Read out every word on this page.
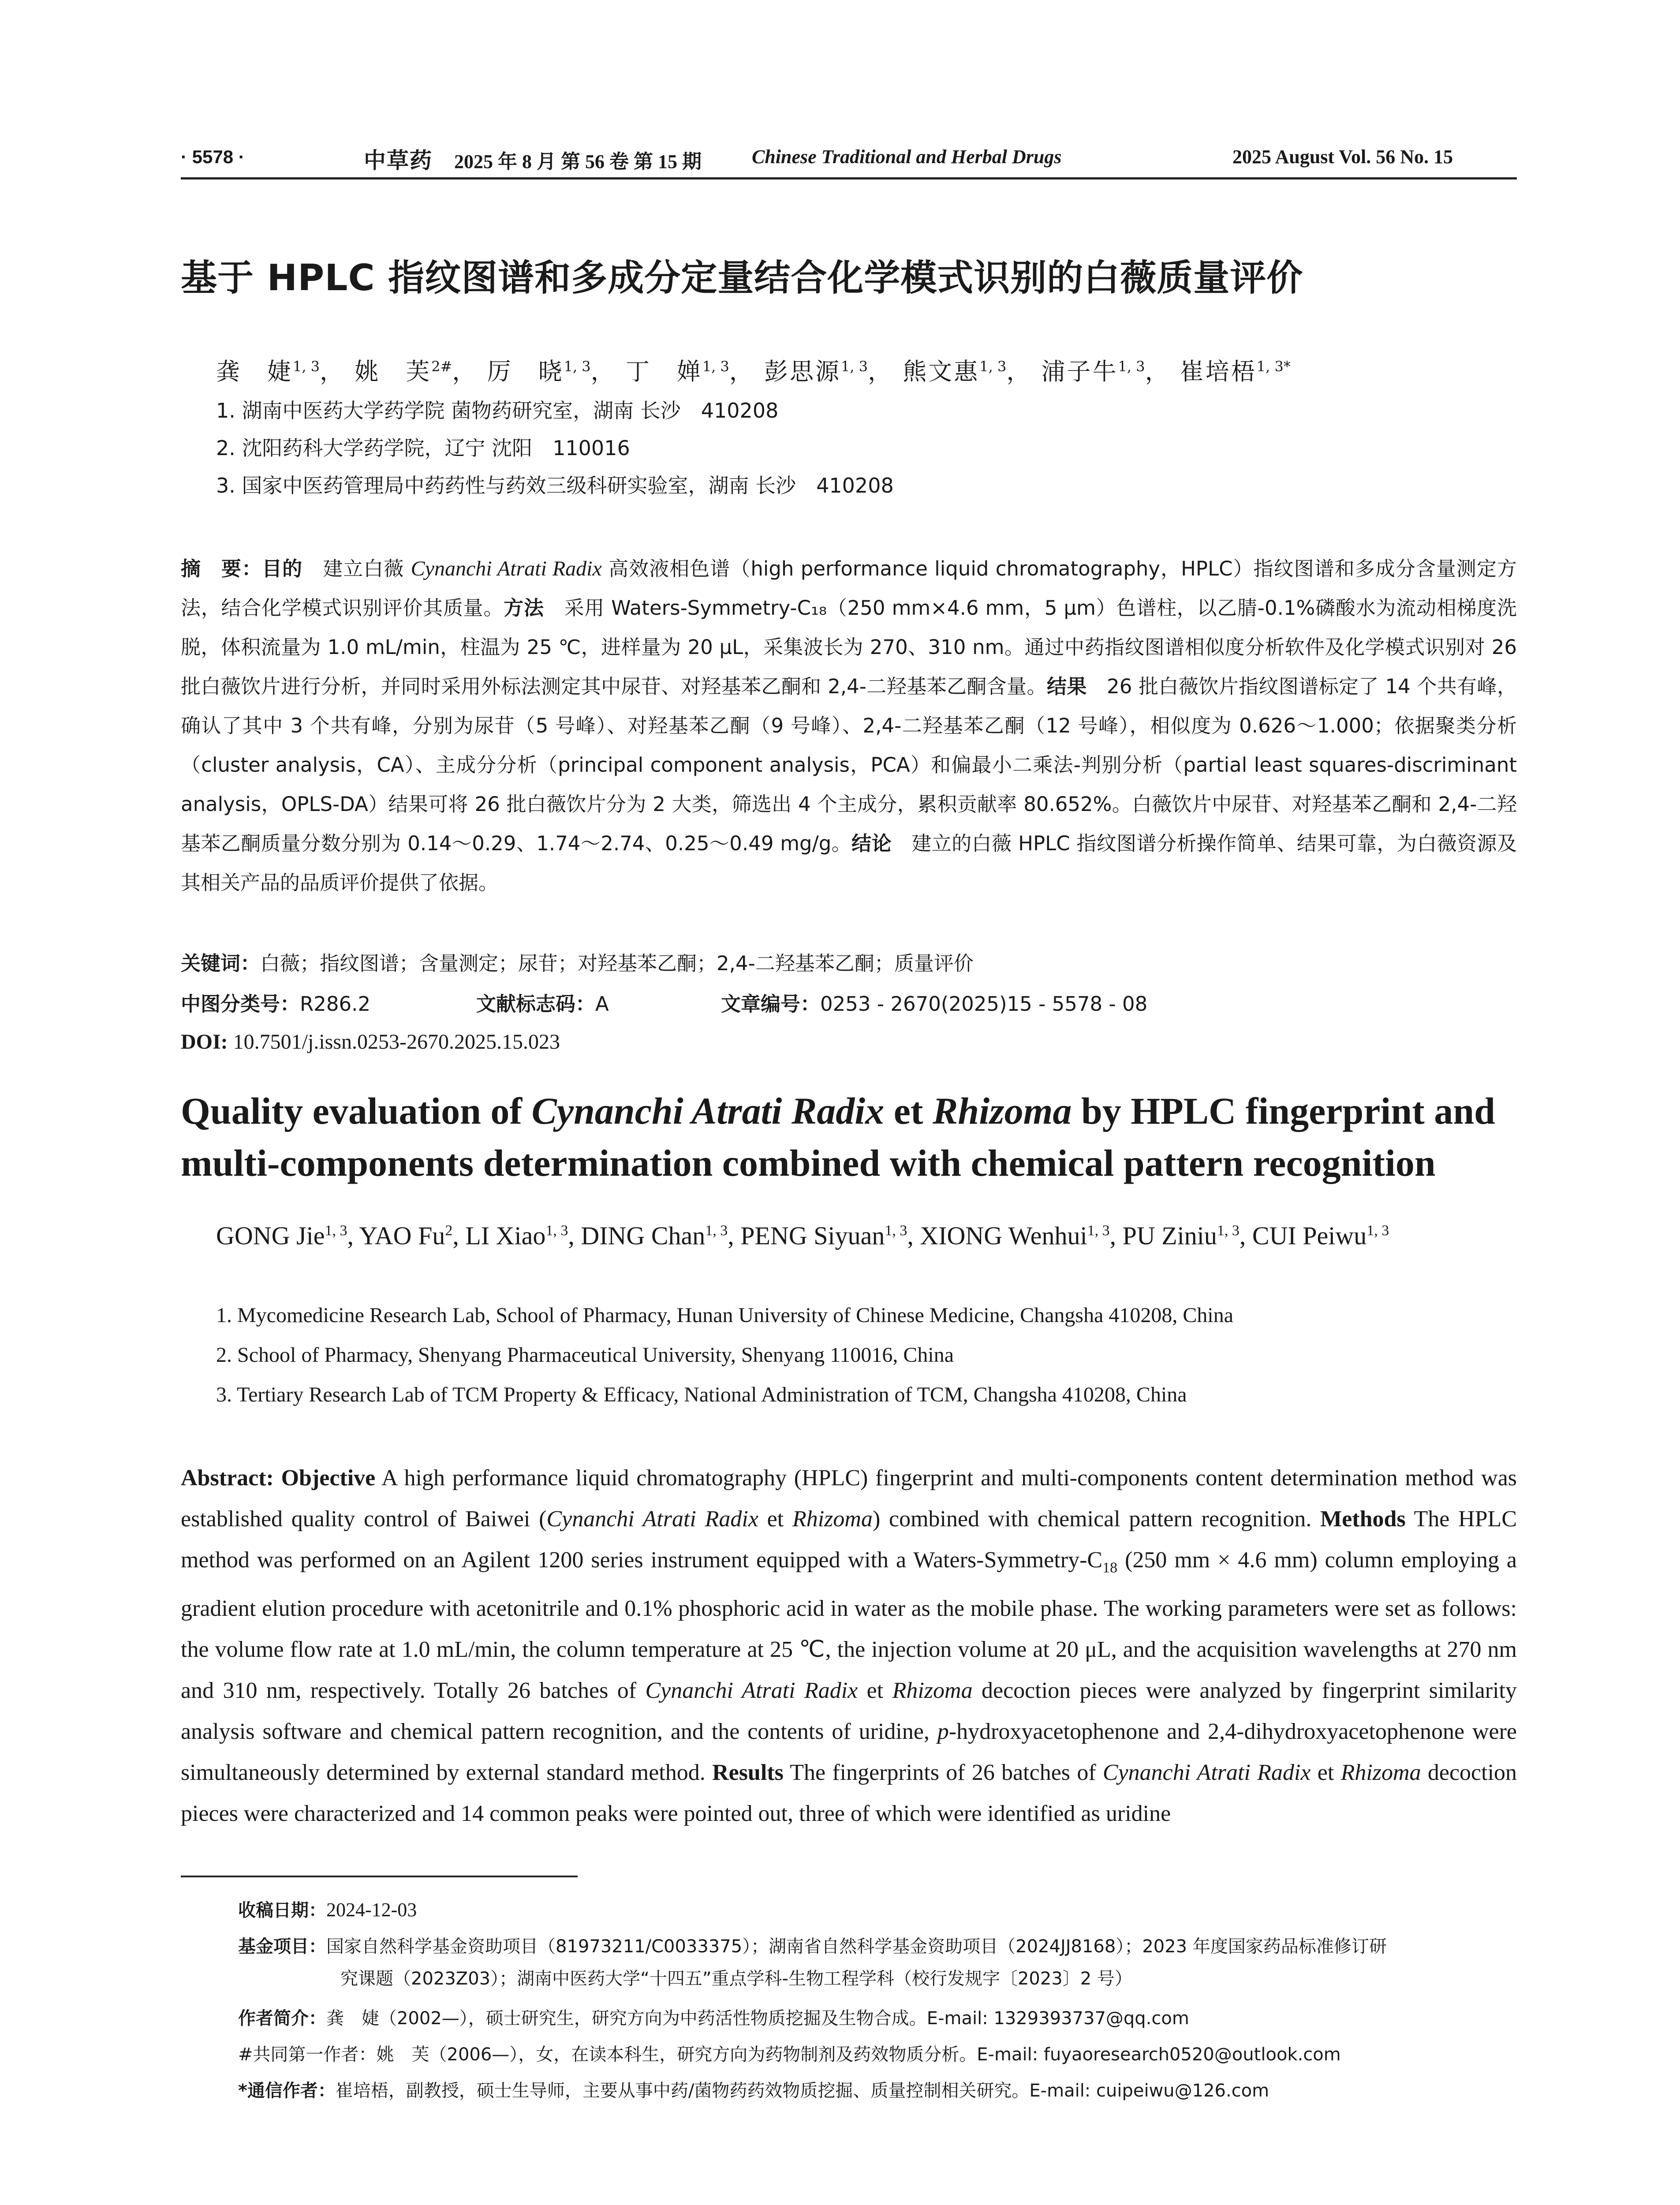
· 5578 ·	中草药 2025 年 8 月 第 56 卷 第 15 期	Chinese Traditional and Herbal Drugs	2025 August Vol. 56 No. 15
基于 HPLC 指纹图谱和多成分定量结合化学模式识别的白薇质量评价
龚　婕$^{1, 3}$， 姚　芙$^{2\#}$， 厉　晓$^{1, 3}$， 丁　婵$^{1, 3}$， 彭思源$^{1, 3}$， 熊文惠$^{1, 3}$， 浦子牛$^{1, 3}$， 崔培梧$^{1, 3*}$
1. 湖南中医药大学药学院 菌物药研究室，湖南 长沙　410208
2. 沈阳药科大学药学院，辽宁 沈阳　110016
3. 国家中医药管理局中药药性与药效三级科研实验室，湖南 长沙　410208
摘　要：目的　建立白薇 Cynanchi Atrati Radix 高效液相色谱（high performance liquid chromatography，HPLC）指纹图谱和多成分含量测定方法，结合化学模式识别评价其质量。方法　采用 Waters-Symmetry-C₁₈（250 mm×4.6 mm，5 μm）色谱柱，以乙腈-0.1%磷酸水为流动相梯度洗脱，体积流量为 1.0 mL/min，柱温为 25 ℃，进样量为 20 μL，采集波长为 270、310 nm。通过中药指纹图谱相似度分析软件及化学模式识别对 26 批白薇饮片进行分析，并同时采用外标法测定其中尿苷、对羟基苯乙酮和 2,4-二羟基苯乙酮含量。结果　26 批白薇饮片指纹图谱标定了 14 个共有峰，确认了其中 3 个共有峰，分别为尿苷（5 号峰）、对羟基苯乙酮（9 号峰）、2,4-二羟基苯乙酮（12 号峰），相似度为 0.626～1.000；依据聚类分析（cluster analysis，CA）、主成分分析（principal component analysis，PCA）和偏最小二乘法-判别分析（partial least squares-discriminant analysis，OPLS-DA）结果可将 26 批白薇饮片分为 2 大类，筛选出 4 个主成分，累积贡献率 80.652%。白薇饮片中尿苷、对羟基苯乙酮和 2,4-二羟基苯乙酮质量分数分别为 0.14～0.29、1.74～2.74、0.25～0.49 mg/g。结论　建立的白薇 HPLC 指纹图谱分析操作简单、结果可靠，为白薇资源及其相关产品的品质评价提供了依据。
关键词：白薇；指纹图谱；含量测定；尿苷；对羟基苯乙酮；2,4-二羟基苯乙酮；质量评价
中图分类号：R286.2	文献标志码：A	文章编号：0253 - 2670(2025)15 - 5578 - 08
DOI: 10.7501/j.issn.0253-2670.2025.15.023
Quality evaluation of Cynanchi Atrati Radix et Rhizoma by HPLC fingerprint and multi-components determination combined with chemical pattern recognition
GONG Jie$^{1, 3}$, YAO Fu$^2$, LI Xiao$^{1, 3}$, DING Chan$^{1, 3}$, PENG Siyuan$^{1, 3}$, XIONG Wenhui$^{1, 3}$, PU Ziniu$^{1, 3}$, CUI Peiwu$^{1, 3}$
1. Mycomedicine Research Lab, School of Pharmacy, Hunan University of Chinese Medicine, Changsha 410208, China
2. School of Pharmacy, Shenyang Pharmaceutical University, Shenyang 110016, China
3. Tertiary Research Lab of TCM Property & Efficacy, National Administration of TCM, Changsha 410208, China
Abstract: Objective A high performance liquid chromatography (HPLC) fingerprint and multi-components content determination method was established quality control of Baiwei (Cynanchi Atrati Radix et Rhizoma) combined with chemical pattern recognition. Methods The HPLC method was performed on an Agilent 1200 series instrument equipped with a Waters-$Symmetry-C_{18}$ (250 mm × 4.6 mm) column employing a gradient elution procedure with acetonitrile and 0.1% phosphoric acid in water as the mobile phase. The working parameters were set as follows: the volume flow rate at 1.0 mL/min, the column temperature at 25 ℃, the injection volume at 20 μL, and the acquisition wavelengths at 270 nm and 310 nm, respectively. Totally 26 batches of Cynanchi Atrati Radix et Rhizoma decoction pieces were analyzed by fingerprint similarity analysis software and chemical pattern recognition, and the contents of uridine, p-hydroxyacetophenone and 2,4-dihydroxyacetophenone were simultaneously determined by external standard method. Results The fingerprints of 26 batches of Cynanchi Atrati Radix et Rhizoma decoction pieces were characterized and 14 common peaks were pointed out, three of which were identified as uridine
收稿日期：2024-12-03
基金项目：国家自然科学基金资助项目（81973211/C0033375）；湖南省自然科学基金资助项目（2024JJ8168）；2023 年度国家药品标准修订研
究课题（2023Z03）；湖南中医药大学“十四五”重点学科-生物工程学科（校行发规字〔2023〕2 号）
作者简介：龚　婕（2002—），硕士研究生，研究方向为中药活性物质挖掘及生物合成。E-mail: 1329393737@qq.com
#共同第一作者：姚　芙（2006—），女，在读本科生，研究方向为药物制剂及药效物质分析。E-mail: fuyaoresearch0520@outlook.com
*通信作者：崔培梧，副教授，硕士生导师，主要从事中药/菌物药药效物质挖掘、质量控制相关研究。E-mail: cuipeiwu@126.com
